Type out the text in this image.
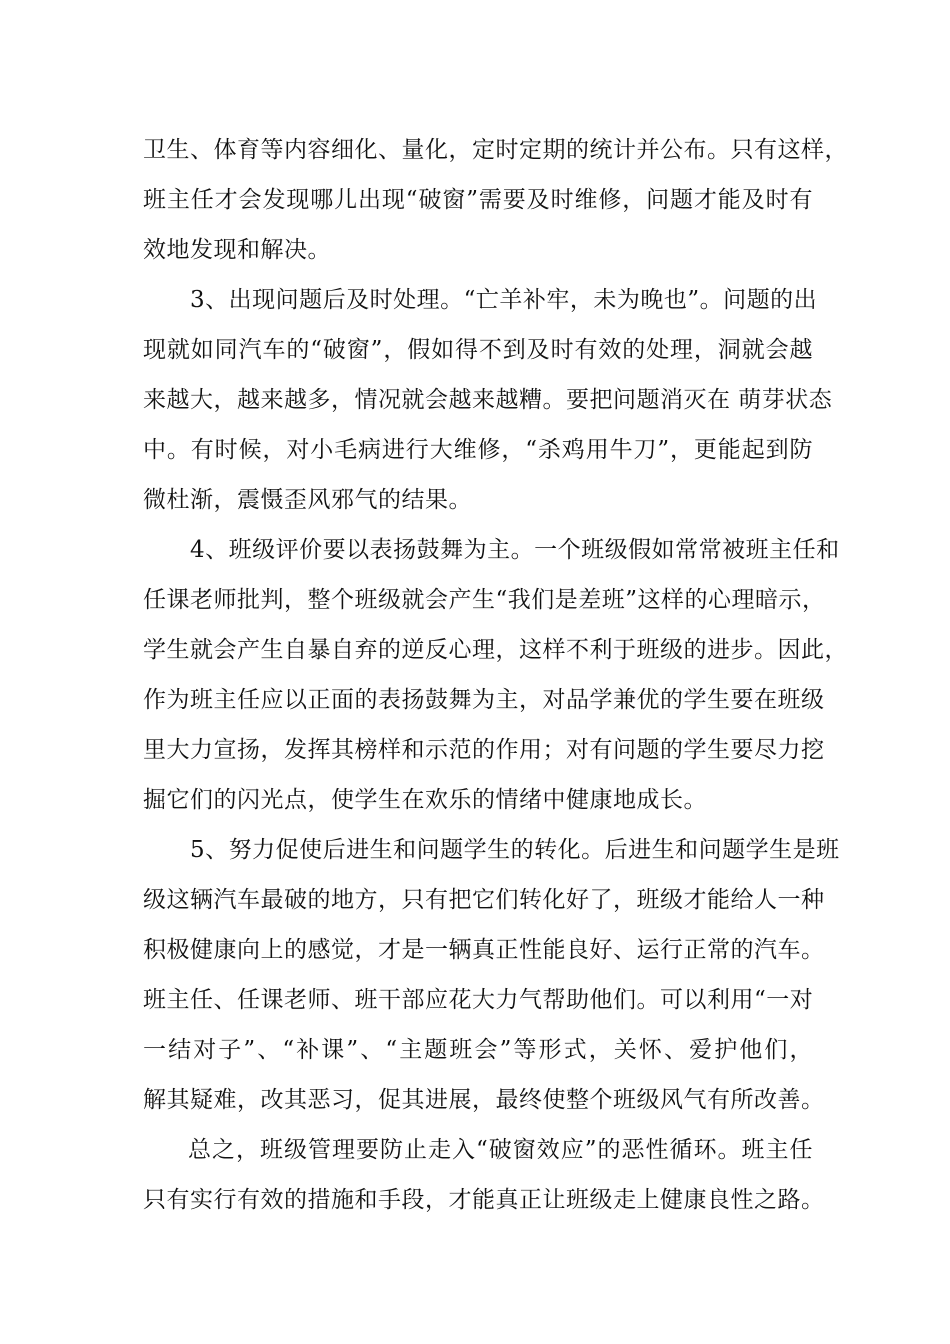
卫生、体育等内容细化、量化，定时定期的统计并公布。只有这样，
班主任才会发现哪儿出现“破窗”需要及时维修，问题才能及时有
效地发现和解决。
3、出现问题后及时处理。“亡羊补牢，未为晚也”。问题的出
现就如同汽车的“破窗”，假如得不到及时有效的处理，洞就会越
来越大，越来越多，情况就会越来越糟。要把问题消灭在 萌芽状态
中。有时候，对小毛病进行大维修，“杀鸡用牛刀”，更能起到防
微杜渐，震慑歪风邪气的结果。
4、班级评价要以表扬鼓舞为主。一个班级假如常常被班主任和
任课老师批判，整个班级就会产生“我们是差班”这样的心理暗示，
学生就会产生自暴自弃的逆反心理，这样不利于班级的进步。因此，
作为班主任应以正面的表扬鼓舞为主，对品学兼优的学生要在班级
里大力宣扬，发挥其榜样和示范的作用；对有问题的学生要尽力挖
掘它们的闪光点，使学生在欢乐的情绪中健康地成长。
5、努力促使后进生和问题学生的转化。后进生和问题学生是班
级这辆汽车最破的地方，只有把它们转化好了，班级才能给人一种
积极健康向上的感觉，才是一辆真正性能良好、运行正常的汽车。
班主任、任课老师、班干部应花大力气帮助他们。可以利用“一对
一结对子”、“补课”、“主题班会”等形式，关怀、爱护他们，
解其疑难，改其恶习，促其进展，最终使整个班级风气有所改善。
总之，班级管理要防止走入“破窗效应”的恶性循环。班主任
只有实行有效的措施和手段，才能真正让班级走上健康良性之路。
